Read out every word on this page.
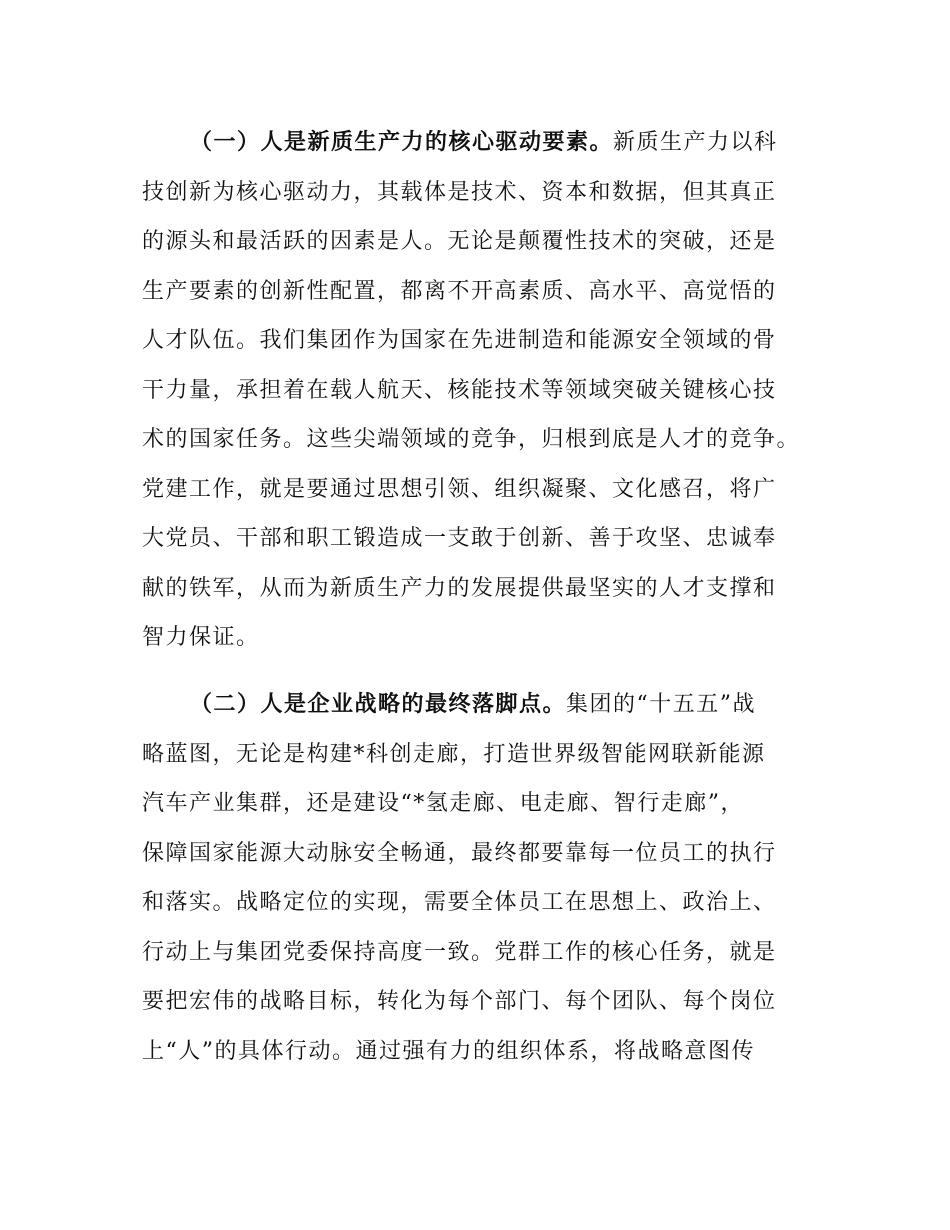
（一）人是新质生产力的核心驱动要素。新质生产力以科
技创新为核心驱动力，其载体是技术、资本和数据，但其真正
的源头和最活跃的因素是人。无论是颠覆性技术的突破，还是
生产要素的创新性配置，都离不开高素质、高水平、高觉悟的
人才队伍。我们集团作为国家在先进制造和能源安全领域的骨
干力量，承担着在载人航天、核能技术等领域突破关键核心技
术的国家任务。这些尖端领域的竞争，归根到底是人才的竞争。
党建工作，就是要通过思想引领、组织凝聚、文化感召，将广
大党员、干部和职工锻造成一支敢于创新、善于攻坚、忠诚奉
献的铁军，从而为新质生产力的发展提供最坚实的人才支撑和
智力保证。
（二）人是企业战略的最终落脚点。集团的“十五五”战
略蓝图，无论是构建*科创走廊，打造世界级智能网联新能源
汽车产业集群，还是建设“*氢走廊、电走廊、智行走廊”，
保障国家能源大动脉安全畅通，最终都要靠每一位员工的执行
和落实。战略定位的实现，需要全体员工在思想上、政治上、
行动上与集团党委保持高度一致。党群工作的核心任务，就是
要把宏伟的战略目标，转化为每个部门、每个团队、每个岗位
上“人”的具体行动。通过强有力的组织体系，将战略意图传
